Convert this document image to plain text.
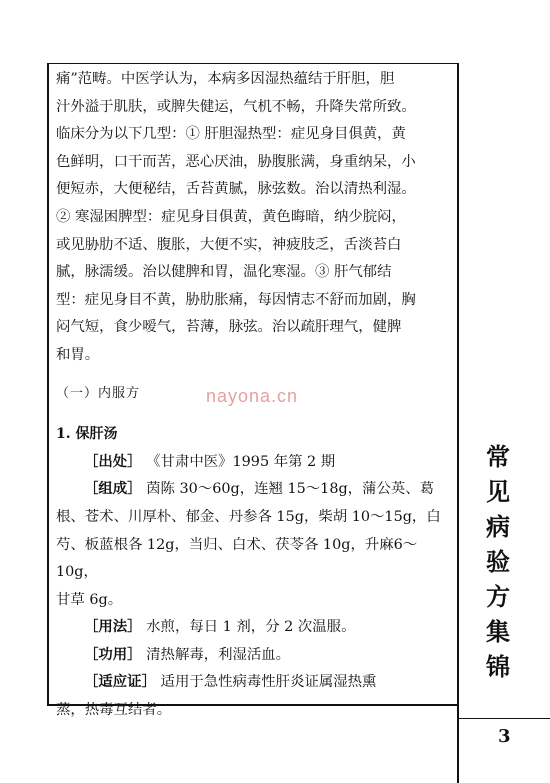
痛”范畴。中医学认为，本病多因湿热蕴结于肝胆，胆

汁外溢于肌肤，或脾失健运，气机不畅，升降失常所致。

临床分为以下几型：① 肝胆湿热型：症见身目俱黄，黄

色鲜明，口干而苦，恶心厌油，胁腹胀满，身重纳呆，小

便短赤，大便秘结，舌苔黄腻，脉弦数。治以清热利湿。

② 寒湿困脾型：症见身目俱黄，黄色晦暗，纳少脘闷，

或见胁肋不适、腹胀，大便不实，神疲肢乏，舌淡苔白

腻，脉濡缓。治以健脾和胃，温化寒湿。③ 肝气郁结

型：症见身目不黄，胁肋胀痛，每因情志不舒而加剧，胸

闷气短，食少嗳气，苔薄，脉弦。治以疏肝理气，健脾

和胃。

（一）内服方
1. 保肝汤

［出处］ 《甘肃中医》1995 年第 2 期

［组成］ 茵陈 30～60g，连翘 15～18g，蒲公英、葛

根、苍术、川厚朴、郁金、丹参各 15g，柴胡 10～15g，白

芍、板蓝根各 12g，当归、白术、茯苓各 10g，升麻6～10g，

甘草 6g。

［用法］ 水煎，每日 1 剂，分 2 次温服。

［功用］ 清热解毒，利湿活血。

［适应证］ 适用于急性病毒性肝炎证属湿热熏

蒸，热毒互结者。

nayona.cn
常
见
病
验
方
集
锦
3
